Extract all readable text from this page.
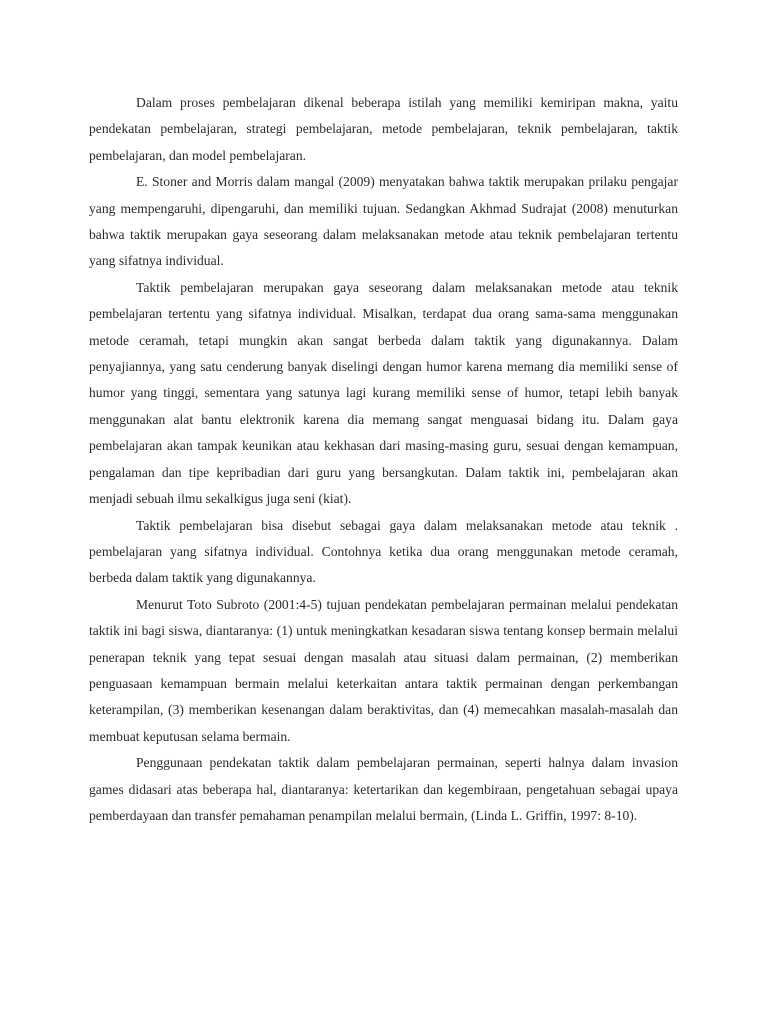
Dalam proses pembelajaran dikenal beberapa istilah yang memiliki kemiripan makna, yaitu pendekatan pembelajaran, strategi pembelajaran, metode pembelajaran, teknik pembelajaran, taktik pembelajaran, dan model pembelajaran.

E. Stoner and Morris dalam mangal (2009) menyatakan bahwa taktik merupakan prilaku pengajar yang mempengaruhi, dipengaruhi, dan memiliki tujuan. Sedangkan Akhmad Sudrajat (2008) menuturkan bahwa taktik merupakan gaya seseorang dalam melaksanakan metode atau teknik pembelajaran tertentu yang sifatnya individual.

Taktik pembelajaran merupakan gaya seseorang dalam melaksanakan metode atau teknik pembelajaran tertentu yang sifatnya individual. Misalkan, terdapat dua orang sama-sama menggunakan metode ceramah, tetapi mungkin akan sangat berbeda dalam taktik yang digunakannya. Dalam penyajiannya, yang satu cenderung banyak diselingi dengan humor karena memang dia memiliki sense of humor yang tinggi, sementara yang satunya lagi kurang memiliki sense of humor, tetapi lebih banyak menggunakan alat bantu elektronik karena dia memang sangat menguasai bidang itu. Dalam gaya pembelajaran akan tampak keunikan atau kekhasan dari masing-masing guru, sesuai dengan kemampuan, pengalaman dan tipe kepribadian dari guru yang bersangkutan. Dalam taktik ini, pembelajaran akan menjadi sebuah ilmu sekalkigus juga seni (kiat).

Taktik pembelajaran bisa disebut sebagai gaya dalam melaksanakan metode atau teknik . pembelajaran yang sifatnya individual. Contohnya ketika dua orang menggunakan metode ceramah, berbeda dalam taktik yang digunakannya.

Menurut Toto Subroto (2001:4-5) tujuan pendekatan pembelajaran permainan melalui pendekatan taktik ini bagi siswa, diantaranya: (1) untuk meningkatkan kesadaran siswa tentang konsep bermain melalui penerapan teknik yang tepat sesuai dengan masalah atau situasi dalam permainan, (2) memberikan penguasaan kemampuan bermain melalui keterkaitan antara taktik permainan dengan perkembangan keterampilan, (3) memberikan kesenangan dalam beraktivitas, dan (4) memecahkan masalah-masalah dan membuat keputusan selama bermain.

Penggunaan pendekatan taktik dalam pembelajaran permainan, seperti halnya dalam invasion games didasari atas beberapa hal, diantaranya: ketertarikan dan kegembiraan, pengetahuan sebagai upaya pemberdayaan dan transfer pemahaman penampilan melalui bermain, (Linda L. Griffin, 1997: 8-10).
